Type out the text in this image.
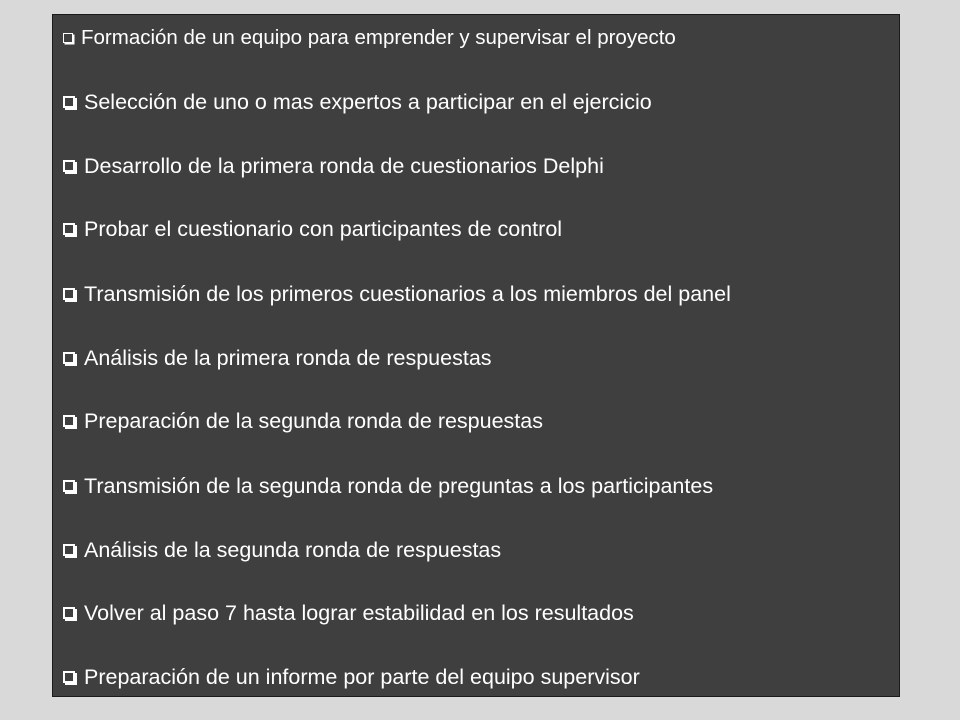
Formación de un equipo para emprender y supervisar el proyecto
Selección de uno o mas expertos a participar en el ejercicio
Desarrollo de la primera ronda de cuestionarios Delphi
Probar el cuestionario con participantes de control
Transmisión de los primeros cuestionarios a los miembros del panel
Análisis de la primera ronda de respuestas
Preparación de la segunda ronda de respuestas
Transmisión de la segunda ronda de preguntas a los participantes
Análisis de la segunda ronda de respuestas
Volver al paso 7 hasta lograr estabilidad en los resultados
Preparación de un informe por parte del equipo supervisor
